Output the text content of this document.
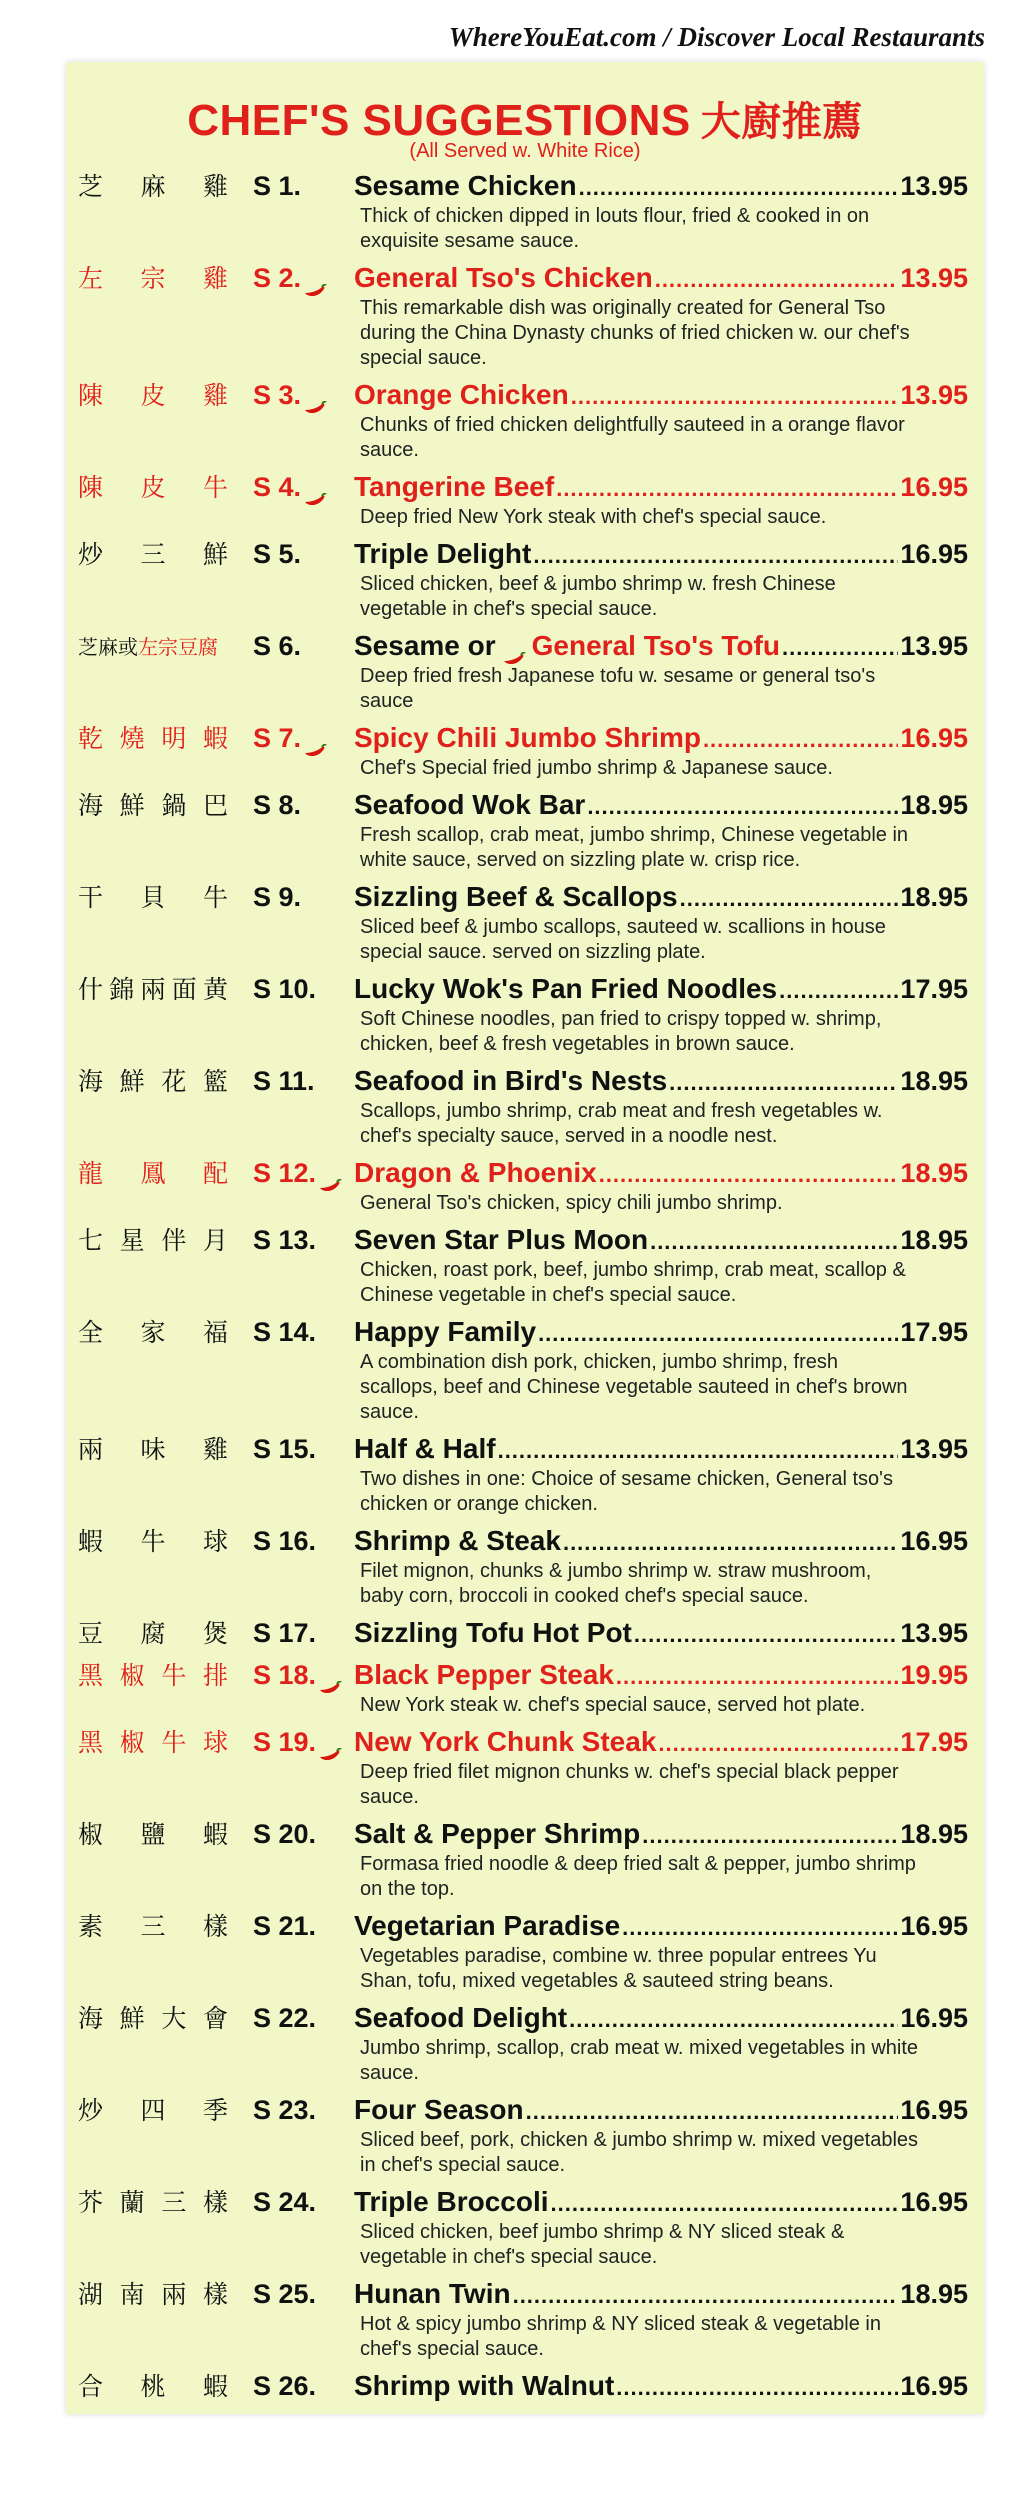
WhereYouEat.com / Discover Local Restaurants
CHEF'S SUGGESTIONS 大廚推薦
(All Served w. White Rice)
芝 麻 雞 S 1. Sesame Chicken .....	13.95
Thick of chicken dipped in louts flour, fried & cooked in on exquisite sesame sauce.
左 宗 雞 S 2.	General Tso's Chicken .....	13.95
This remarkable dish was originally created for General Tso during the China Dynasty chunks of fried chicken w. our chef's special sauce.
陳 皮 雞 S 3.	Orange Chicken .....	13.95
Chunks of fried chicken delightfully sauteed in a orange flavor sauce.
陳 皮 牛 S 4.	Tangerine Beef .....	16.95
Deep fried New York steak with chef's special sauce.
炒 三 鮮 S 5. Triple Delight .....	16.95
Sliced chicken, beef & jumbo shrimp w. fresh Chinese vegetable in chef's special sauce.
芝麻或 左宗豆腐 S 6. Sesame or General Tso's Tofu .....	13.95
Deep fried fresh Japanese tofu w. sesame or general tso's sauce
乾 燒 明 蝦 S 7.	Spicy Chili Jumbo Shrimp .....	16.95
Chef's Special fried jumbo shrimp & Japanese sauce.
海 鮮 鍋 巴 S 8. Seafood Wok Bar .....	18.95
Fresh scallop, crab meat, jumbo shrimp, Chinese vegetable in white sauce, served on sizzling plate w. crisp rice.
干 貝 牛 S 9. Sizzling Beef & Scallops .....	18.95
Sliced beef & jumbo scallops, sauteed w. scallions in house special sauce. served on sizzling plate.
什 錦 兩 面 黄 S 10. Lucky Wok's Pan Fried Noodles .....	17.95
Soft Chinese noodles, pan fried to crispy topped w. shrimp, chicken, beef & fresh vegetables in brown sauce.
海 鮮 花 籃 S 11. Seafood in Bird's Nests .....	18.95
Scallops, jumbo shrimp, crab meat and fresh vegetables w. chef's specialty sauce, served in a noodle nest.
龍 鳳 配 S 12.	Dragon & Phoenix .....	18.95
General Tso's chicken, spicy chili jumbo shrimp.
七 星 伴 月 S 13. Seven Star Plus Moon .....	18.95
Chicken, roast pork, beef, jumbo shrimp, crab meat, scallop & Chinese vegetable in chef's special sauce.
全 家 福 S 14. Happy Family .....	17.95
A combination dish pork, chicken, jumbo shrimp, fresh scallops, beef and Chinese vegetable sauteed in chef's brown sauce.
兩 味 雞 S 15. Half & Half .....	13.95
Two dishes in one: Choice of sesame chicken, General tso's chicken or orange chicken.
蝦 牛 球 S 16. Shrimp & Steak .....	16.95
Filet mignon, chunks & jumbo shrimp w. straw mushroom, baby corn, broccoli in cooked chef's special sauce.
豆 腐 煲 S 17. Sizzling Tofu Hot Pot .....	13.95
黑 椒 牛 排 S 18.	Black Pepper Steak .....	19.95
New York steak w. chef's special sauce, served hot plate.
黑 椒 牛 球 S 19.	New York Chunk Steak .....	17.95
Deep fried filet mignon chunks w. chef's special black pepper sauce.
椒 鹽 蝦 S 20. Salt & Pepper Shrimp .....	18.95
Formasa fried noodle & deep fried salt & pepper, jumbo shrimp on the top.
素 三 樣 S 21. Vegetarian Paradise .....	16.95
Vegetables paradise, combine w. three popular entrees Yu Shan, tofu, mixed vegetables & sauteed string beans.
海 鮮 大 會 S 22. Seafood Delight .....	16.95
Jumbo shrimp, scallop, crab meat w. mixed vegetables in white sauce.
炒 四 季 S 23. Four Season .....	16.95
Sliced beef, pork, chicken & jumbo shrimp w. mixed vegetables in chef's special sauce.
芥 蘭 三 樣 S 24. Triple Broccoli .....	16.95
Sliced chicken, beef jumbo shrimp & NY sliced steak & vegetable in chef's special sauce.
湖 南 兩 樣 S 25. Hunan Twin .....	18.95
Hot & spicy jumbo shrimp & NY sliced steak & vegetable in chef's special sauce.
合 桃 蝦 S 26. Shrimp with Walnut .....	16.95
